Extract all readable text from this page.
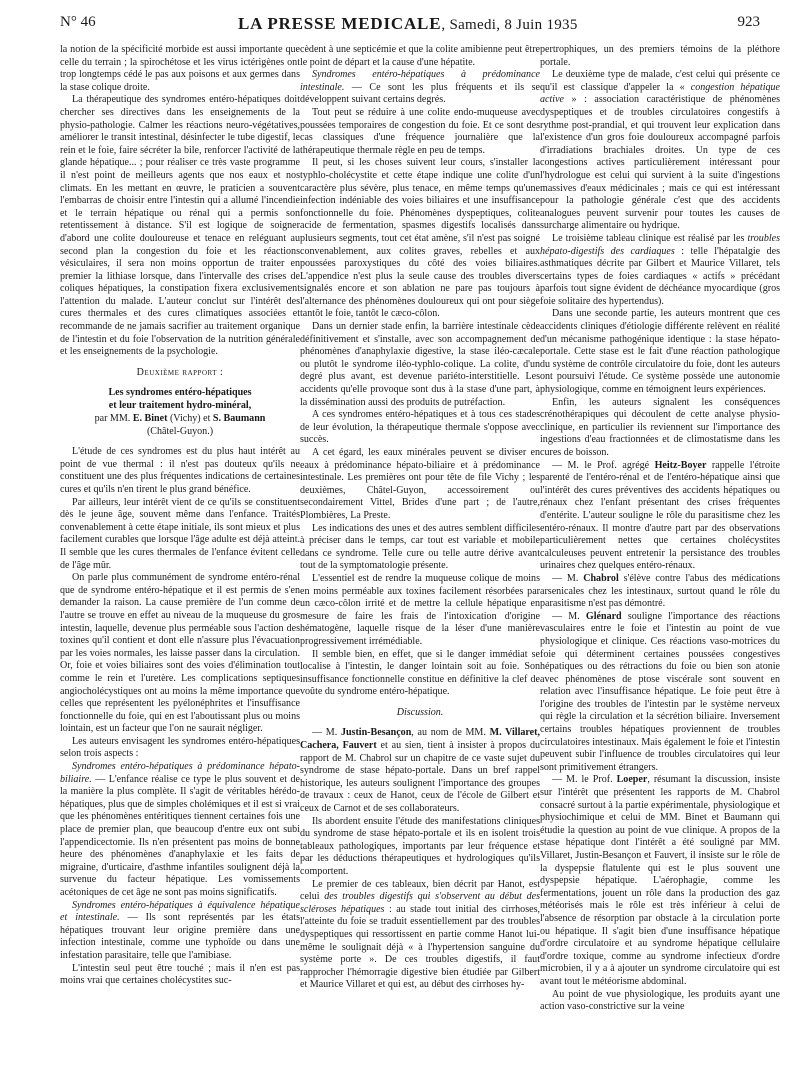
N° 46	LA PRESSE MEDICALE, Samedi, 8 Juin 1935	923

la notion de la spécificité morbide est aussi importante que celle du terrain ; la spirochétose et les virus ictérigènes ont trop longtemps cédé le pas aux poisons et aux germes dans la stase colique droite.

La thérapeutique des syndromes entéro-hépatiques doit chercher ses directives dans les enseignements de la physio-pathologie. Calmer les réactions neuro-végétatives, améliorer le transit intestinal, désinfecter le tube digestif, le rein et le foie, faire sécréter la bile, renforcer l'activité de la glande hépatique... ; pour réaliser ce très vaste programme il n'est point de meilleurs agents que nos eaux et nos climats. En les mettant en œuvre, le praticien a souvent l'embarras de choisir entre l'intestin qui a allumé l'incendie et le terrain hépatique ou rénal qui a permis son retentissement à distance. S'il est logique de soigner d'abord une colite douloureuse et tenace en reléguant au second plan la congestion du foie et les réactions vésiculaires, il sera non moins opportun de traiter en premier la lithiase lorsque, dans l'intervalle des crises de coliques hépatiques, la constipation fixera exclusivement l'attention du malade. L'auteur conclut sur l'intérêt des cures thermales et des cures climatiques associées et recommande de ne jamais sacrifier au traitement organique de l'intestin et du foie l'observation de la nutrition générale et les enseignements de la psychologie.

Deuxième rapport :

Les syndromes entéro-hépatiques

et leur traitement hydro-minéral,

par MM. E. Binet (Vichy) et S. Baumann

(Châtel-Guyon.)

L'étude de ces syndromes est du plus haut intérêt au point de vue thermal : il n'est pas douteux qu'ils ne constituent une des plus fréquentes indications de certaines cures et qu'ils n'en tirent le plus grand bénéfice.

Par ailleurs, leur intérêt vient de ce qu'ils se constituent dès le jeune âge, souvent même dans l'enfance. Traités convenablement à cette étape initiale, ils sont mieux et plus facilement curables que lorsque l'âge adulte est déjà atteint. Il semble que les cures thermales de l'enfance évitent celle de l'âge mûr.

On parle plus communément de syndrome entéro-rénal que de syndrome entéro-hépatique et il est permis de s'en demander la raison. La cause première de l'un comme de l'autre se trouve en effet au niveau de la muqueuse du gros intestin, laquelle, devenue plus perméable sous l'action des toxines qu'il contient et dont elle n'assure plus l'évacuation par les voies normales, les laisse passer dans la circulation. Or, foie et voies biliaires sont des voies d'élimination tout comme le rein et l'uretère. Les complications septiques angiocholécystiques ont au moins la même importance que celles que représentent les pyélonéphrites et l'insuffisance fonctionnelle du foie, qui en est l'aboutissant plus ou moins lointain, est un facteur que l'on ne saurait négliger.

Les auteurs envisagent les syndromes entéro-hépatiques selon trois aspects :

Syndromes entéro-hépatiques à prédominance hépato-biliaire. — L'enfance réalise ce type le plus souvent et de la manière la plus complète. Il s'agit de véritables hérédo-hépatiques, plus que de simples cholémiques et il est si vrai que les phénomènes entéritiques tiennent certaines fois une place de premier plan, que beaucoup d'entre eux ont subi l'appendicectomie. Ils n'en présentent pas moins de bonne heure des phénomènes d'anaphylaxie et les faits de migraine, d'urticaire, d'asthme infantiles soulignent déjà la survenue du facteur hépatique. Les vomissements acétoniques de cet âge ne sont pas moins significatifs.

Syndromes entéro-hépatiques à équivalence hépatique et intestinale. — Ils sont représentés par les états hépatiques trouvant leur origine première dans une infection intestinale, comme une typhoïde ou dans une infestation parasitaire, telle que l'amibiase.

L'intestin seul peut être touché ; mais il n'en est pas moins vrai que certaines cholécystites suc-

cèdent à une septicémie et que la colite amibienne peut être le point de départ et la cause d'une hépatite.

Syndromes entéro-hépatiques à prédominance intestinale. — Ce sont les plus fréquents et ils se développent suivant certains degrés.

Tout peut se réduire à une colite endo-muqueuse avec poussées temporaires de congestion du foie. Et ce sont des cas classiques d'une fréquence journalière que la thérapeutique thermale règle en peu de temps.

Il peut, si les choses suivent leur cours, s'installer la typhlo-cholécystite et cette étape indique une colite d'un caractère plus sévère, plus tenace, en même temps qu'une infection indéniable des voies biliaires et une insuffisance fonctionnelle du foie. Phénomènes dyspeptiques, colite acide de fermentation, spasmes digestifs localisés dans plusieurs segments, tout cet état amène, s'il n'est pas soigné convenablement, aux colites graves, rebelles et aux poussées paroxystiques du côté des voies biliaires. L'appendice n'est plus la seule cause des troubles divers signalés encore et son ablation ne pare pas toujours à l'alternance des phénomènes douloureux qui ont pour siège tantôt le foie, tantôt le cæco-côlon.

Dans un dernier stade enfin, la barrière intestinale cède définitivement et s'installe, avec son accompagnement de phénomènes d'anaphylaxie digestive, la stase iléo-cæcale ou plutôt le syndrome iléo-typhlo-colique. La colite, d'un degré plus avant, est devenue pariéto-interstitielle. Les accidents qu'elle provoque sont dus à la stase d'une part, à la dissémination aussi des produits de putréfaction.

A ces syndromes entéro-hépatiques et à tous ces stades de leur évolution, la thérapeutique thermale s'oppose avec succès.

A cet égard, les eaux minérales peuvent se diviser en eaux à prédominance hépato-biliaire et à prédominance intestinale. Les premières ont pour tête de file Vichy ; les deuxièmes, Châtel-Guyon, accessoirement ou secondairement Vittel, Brides d'une part ; de l'autre, Plombières, La Preste.

Les indications des unes et des autres semblent difficiles à préciser dans le temps, car tout est variable et mobile dans ce syndrome. Telle cure ou telle autre dérive avant tout de la symptomatologie présente.

L'essentiel est de rendre la muqueuse colique de moins en moins perméable aux toxines facilement résorbées par un cæco-côlon irrité et de mettre la cellule hépatique en mesure de faire les frais de l'intoxication d'origine hématogène, laquelle risque de la léser d'une manière progressivement irrémédiable.

Il semble bien, en effet, que si le danger immédiat se localise à l'intestin, le danger lointain soit au foie. Son insuffisance fonctionnelle constitue en définitive la clef de voûte du syndrome entéro-hépatique.

Discussion.

— M. Justin-Besançon, au nom de MM. M. Villaret, Cachera, Fauvert et au sien, tient à insister à propos du rapport de M. Chabrol sur un chapitre de ce vaste sujet du syndrome de stase hépato-portale. Dans un bref rappel historique, les auteurs soulignent l'importance des groupes de travaux : ceux de Hanot, ceux de l'école de Gilbert et ceux de Carnot et de ses collaborateurs.

Ils abordent ensuite l'étude des manifestations cliniques du syndrome de stase hépato-portale et ils en isolent trois tableaux pathologiques, importants par leur fréquence et par les déductions thérapeutiques et hydrologiques qu'ils comportent.

Le premier de ces tableaux, bien décrit par Hanot, est celui des troubles digestifs qui s'observent au début des scléroses hépatiques : au stade tout initial des cirrhoses, l'atteinte du foie se traduit essentiellement par des troubles dyspeptiques qui ressortissent en partie comme Hanot lui-même le soulignait déjà « à l'hypertension sanguine du système porte ». De ces troubles digestifs, il faut rapprocher l'hémorragie digestive bien étudiée par Gilbert et Maurice Villaret et qui est, au début des cirrhoses hy-

pertrophiques, un des premiers témoins de la pléthore portale.

Le deuxième type de malade, c'est celui qui présente ce qu'il est classique d'appeler la « congestion hépatique active » : association caractéristique de phénomènes dyspeptiques et de troubles circulatoires congestifs à rythme post-prandial, et qui trouvent leur explication dans l'existence d'un gros foie douloureux accompagné parfois d'irradiations brachiales droites. Un type de ces congestions actives particulièrement intéressant pour l'hydrologue est celui qui survient à la suite d'ingestions massives d'eaux médicinales ; mais ce qui est intéressant pour la pathologie générale c'est que des accidents analogues peuvent survenir pour toutes les causes de surcharge alimentaire ou hydrique.

Le troisième tableau clinique est réalisé par les troubles hépato-digestifs des cardiaques : telle l'hépatalgie des asthmatiques décrite par Gilbert et Maurice Villaret, tels certains types de foies cardiaques « actifs » précédant parfois tout signe évident de déchéance myocardique (gros foie solitaire des hypertendus).

Dans une seconde partie, les auteurs montrent que ces accidents cliniques d'étiologie différente relèvent en réalité d'un mécanisme pathogénique identique : la stase hépato-portale. Cette stase est le fait d'une réaction pathologique du système de contrôle circulatoire du foie, dont les auteurs ont poursuivi l'étude. Ce système possède une autonomie physiologique, comme en témoignent leurs expériences.

Enfin, les auteurs signalent les conséquences crénothérapiques qui découlent de cette analyse physio-clinique, en particulier ils reviennent sur l'importance des ingestions d'eau fractionnées et de climostatisme dans les cures de boisson.

— M. le Prof. agrégé Heitz-Boyer rappelle l'étroite parenté de l'entéro-rénal et de l'entéro-hépatique ainsi que l'intérêt des cures préventives des accidents hépatiques ou rénaux chez l'enfant présentant des crises fréquentes d'entérite. L'auteur souligne le rôle du parasitisme chez les entéro-rénaux. Il montre d'autre part par des observations particulièrement nettes que certaines cholécystites calculeuses peuvent entretenir la persistance des troubles urinaires chez quelques entéro-rénaux.

— M. Chabrol s'élève contre l'abus des médications arsenicales chez les intestinaux, surtout quand le rôle du parasitisme n'est pas démontré.

— M. Glénard souligne l'importance des réactions vasculaires entre le foie et l'intestin au point de vue physiologique et clinique. Ces réactions vaso-motrices du foie qui déterminent certaines poussées congestives hépatiques ou des rétractions du foie ou bien son atonie avec phénomènes de ptose viscérale sont souvent en relation avec l'insuffisance hépatique. Le foie peut être à l'origine des troubles de l'intestin par le système nerveux qui règle la circulation et la sécrétion biliaire. Inversement certains troubles hépatiques proviennent de troubles circulatoires intestinaux. Mais également le foie et l'intestin peuvent subir l'influence de troubles circulatoires qui leur sont primitivement étrangers.

— M. le Prof. Loeper, résumant la discussion, insiste sur l'intérêt que présentent les rapports de M. Chabrol consacré surtout à la partie expérimentale, physiologique et physiochimique et celui de MM. Binet et Baumann qui étudie la question au point de vue clinique. A propos de la stase hépatique dont l'intérêt a été souligné par MM. Villaret, Justin-Besançon et Fauvert, il insiste sur le rôle de la dyspepsie flatulente qui est le plus souvent une dyspepsie hépatique. L'aérophagie, comme les fermentations, jouent un rôle dans la production des gaz météorisés mais le rôle est très inférieur à celui de l'absence de résorption par obstacle à la circulation porte ou hépatique. Il s'agit bien d'une insuffisance hépatique d'ordre circulatoire et au syndrome hépatique cellulaire d'ordre toxique, comme au syndrome infectieux d'ordre microbien, il y a à ajouter un syndrome circulatoire qui est avant tout le météorisme abdominal.

Au point de vue physiologique, les produits ayant une action vaso-constrictive sur la veine
